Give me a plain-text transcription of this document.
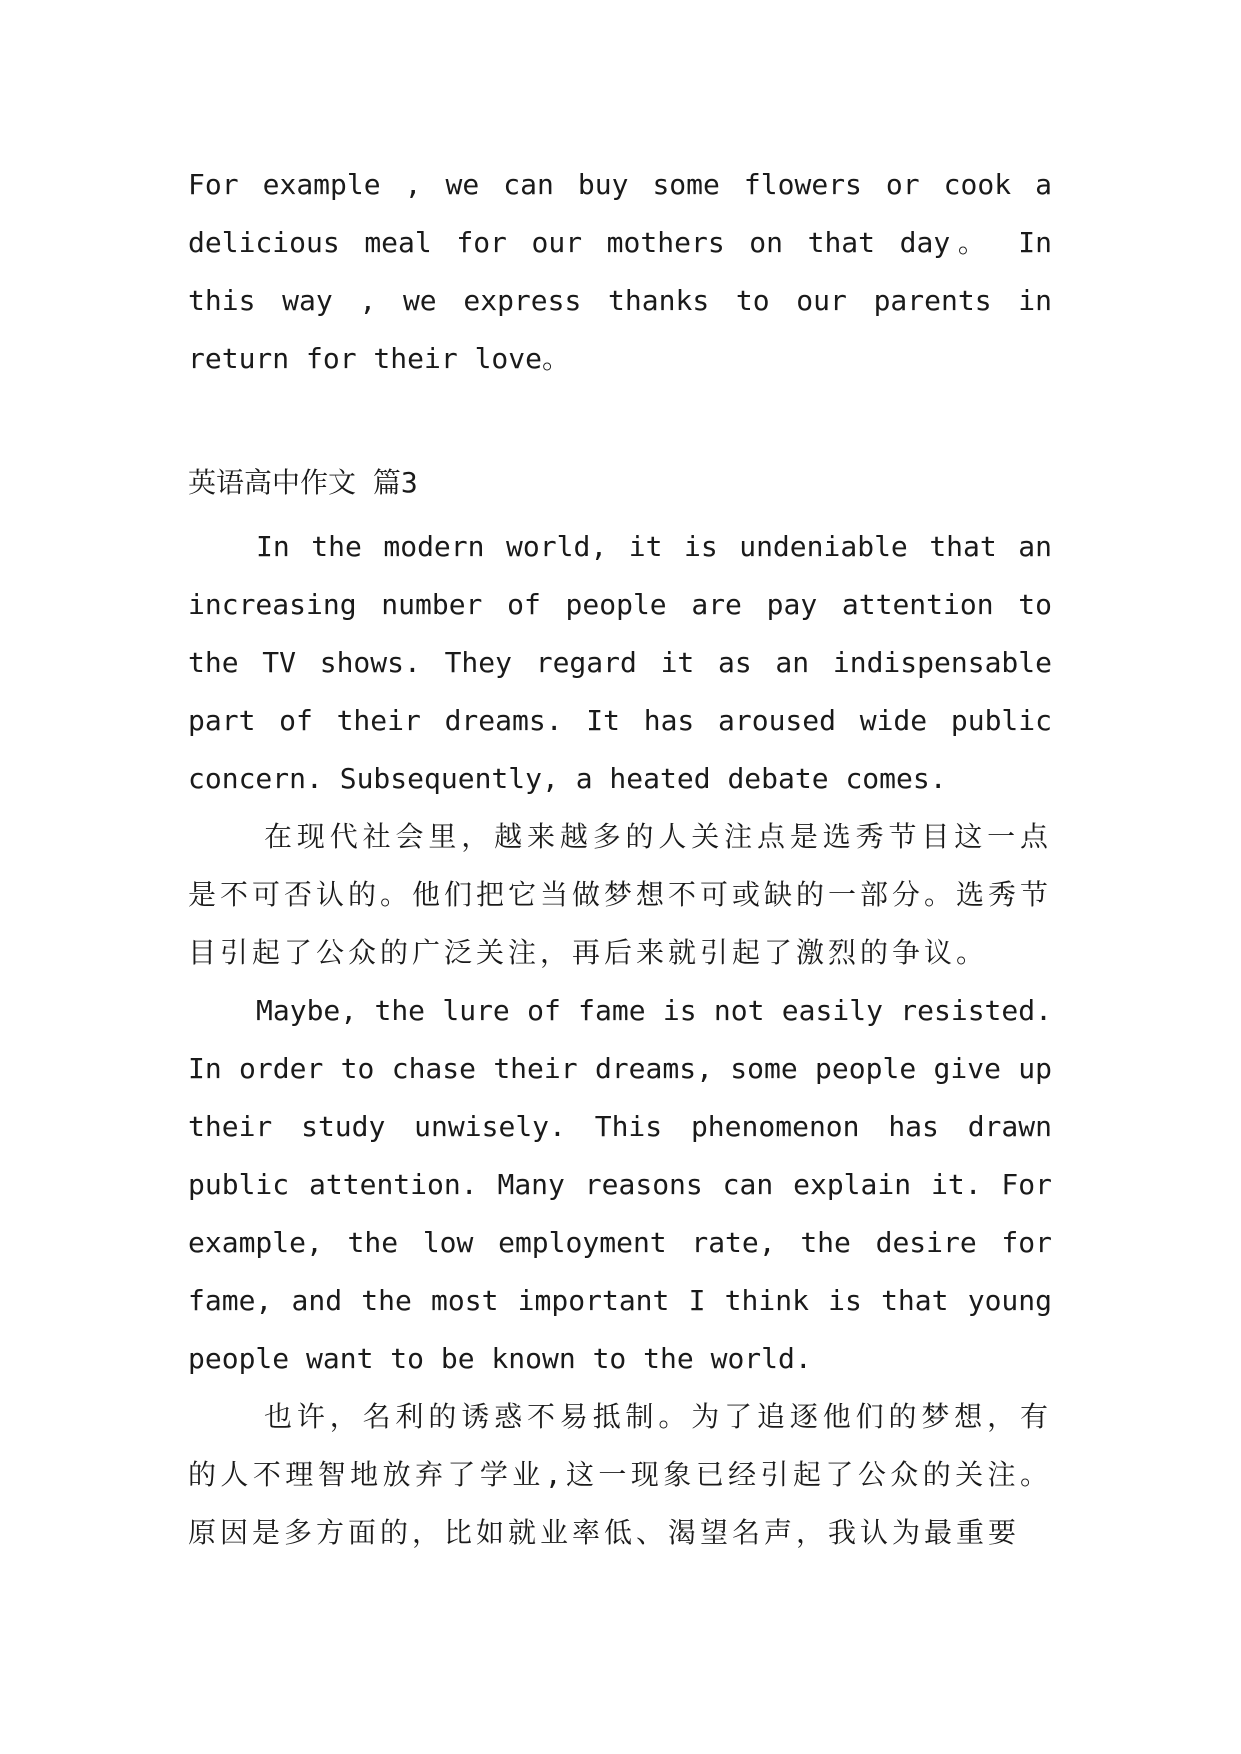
For example , we can buy some flowers or cook a delicious meal for our mothers on that day。 In this way , we express thanks to our parents in return for their love。

英语高中作文 篇3

In the modern world, it is undeniable that an increasing number of people are pay attention to the TV shows. They regard it as an indispensable part of their dreams. It has aroused wide public concern. Subsequently, a heated debate comes.

在现代社会里，越来越多的人关注点是选秀节目这一点是不可否认的。他们把它当做梦想不可或缺的一部分。选秀节目引起了公众的广泛关注，再后来就引起了激烈的争议。

Maybe, the lure of fame is not easily resisted. In order to chase their dreams, some people give up their study unwisely. This phenomenon has drawn public attention. Many reasons can explain it. For example, the low employment rate, the desire for fame, and the most important I think is that young people want to be known to the world.

也许，名利的诱惑不易抵制。为了追逐他们的梦想，有的人不理智地放弃了学业,这一现象已经引起了公众的关注。原因是多方面的，比如就业率低、渴望名声，我认为最重要
